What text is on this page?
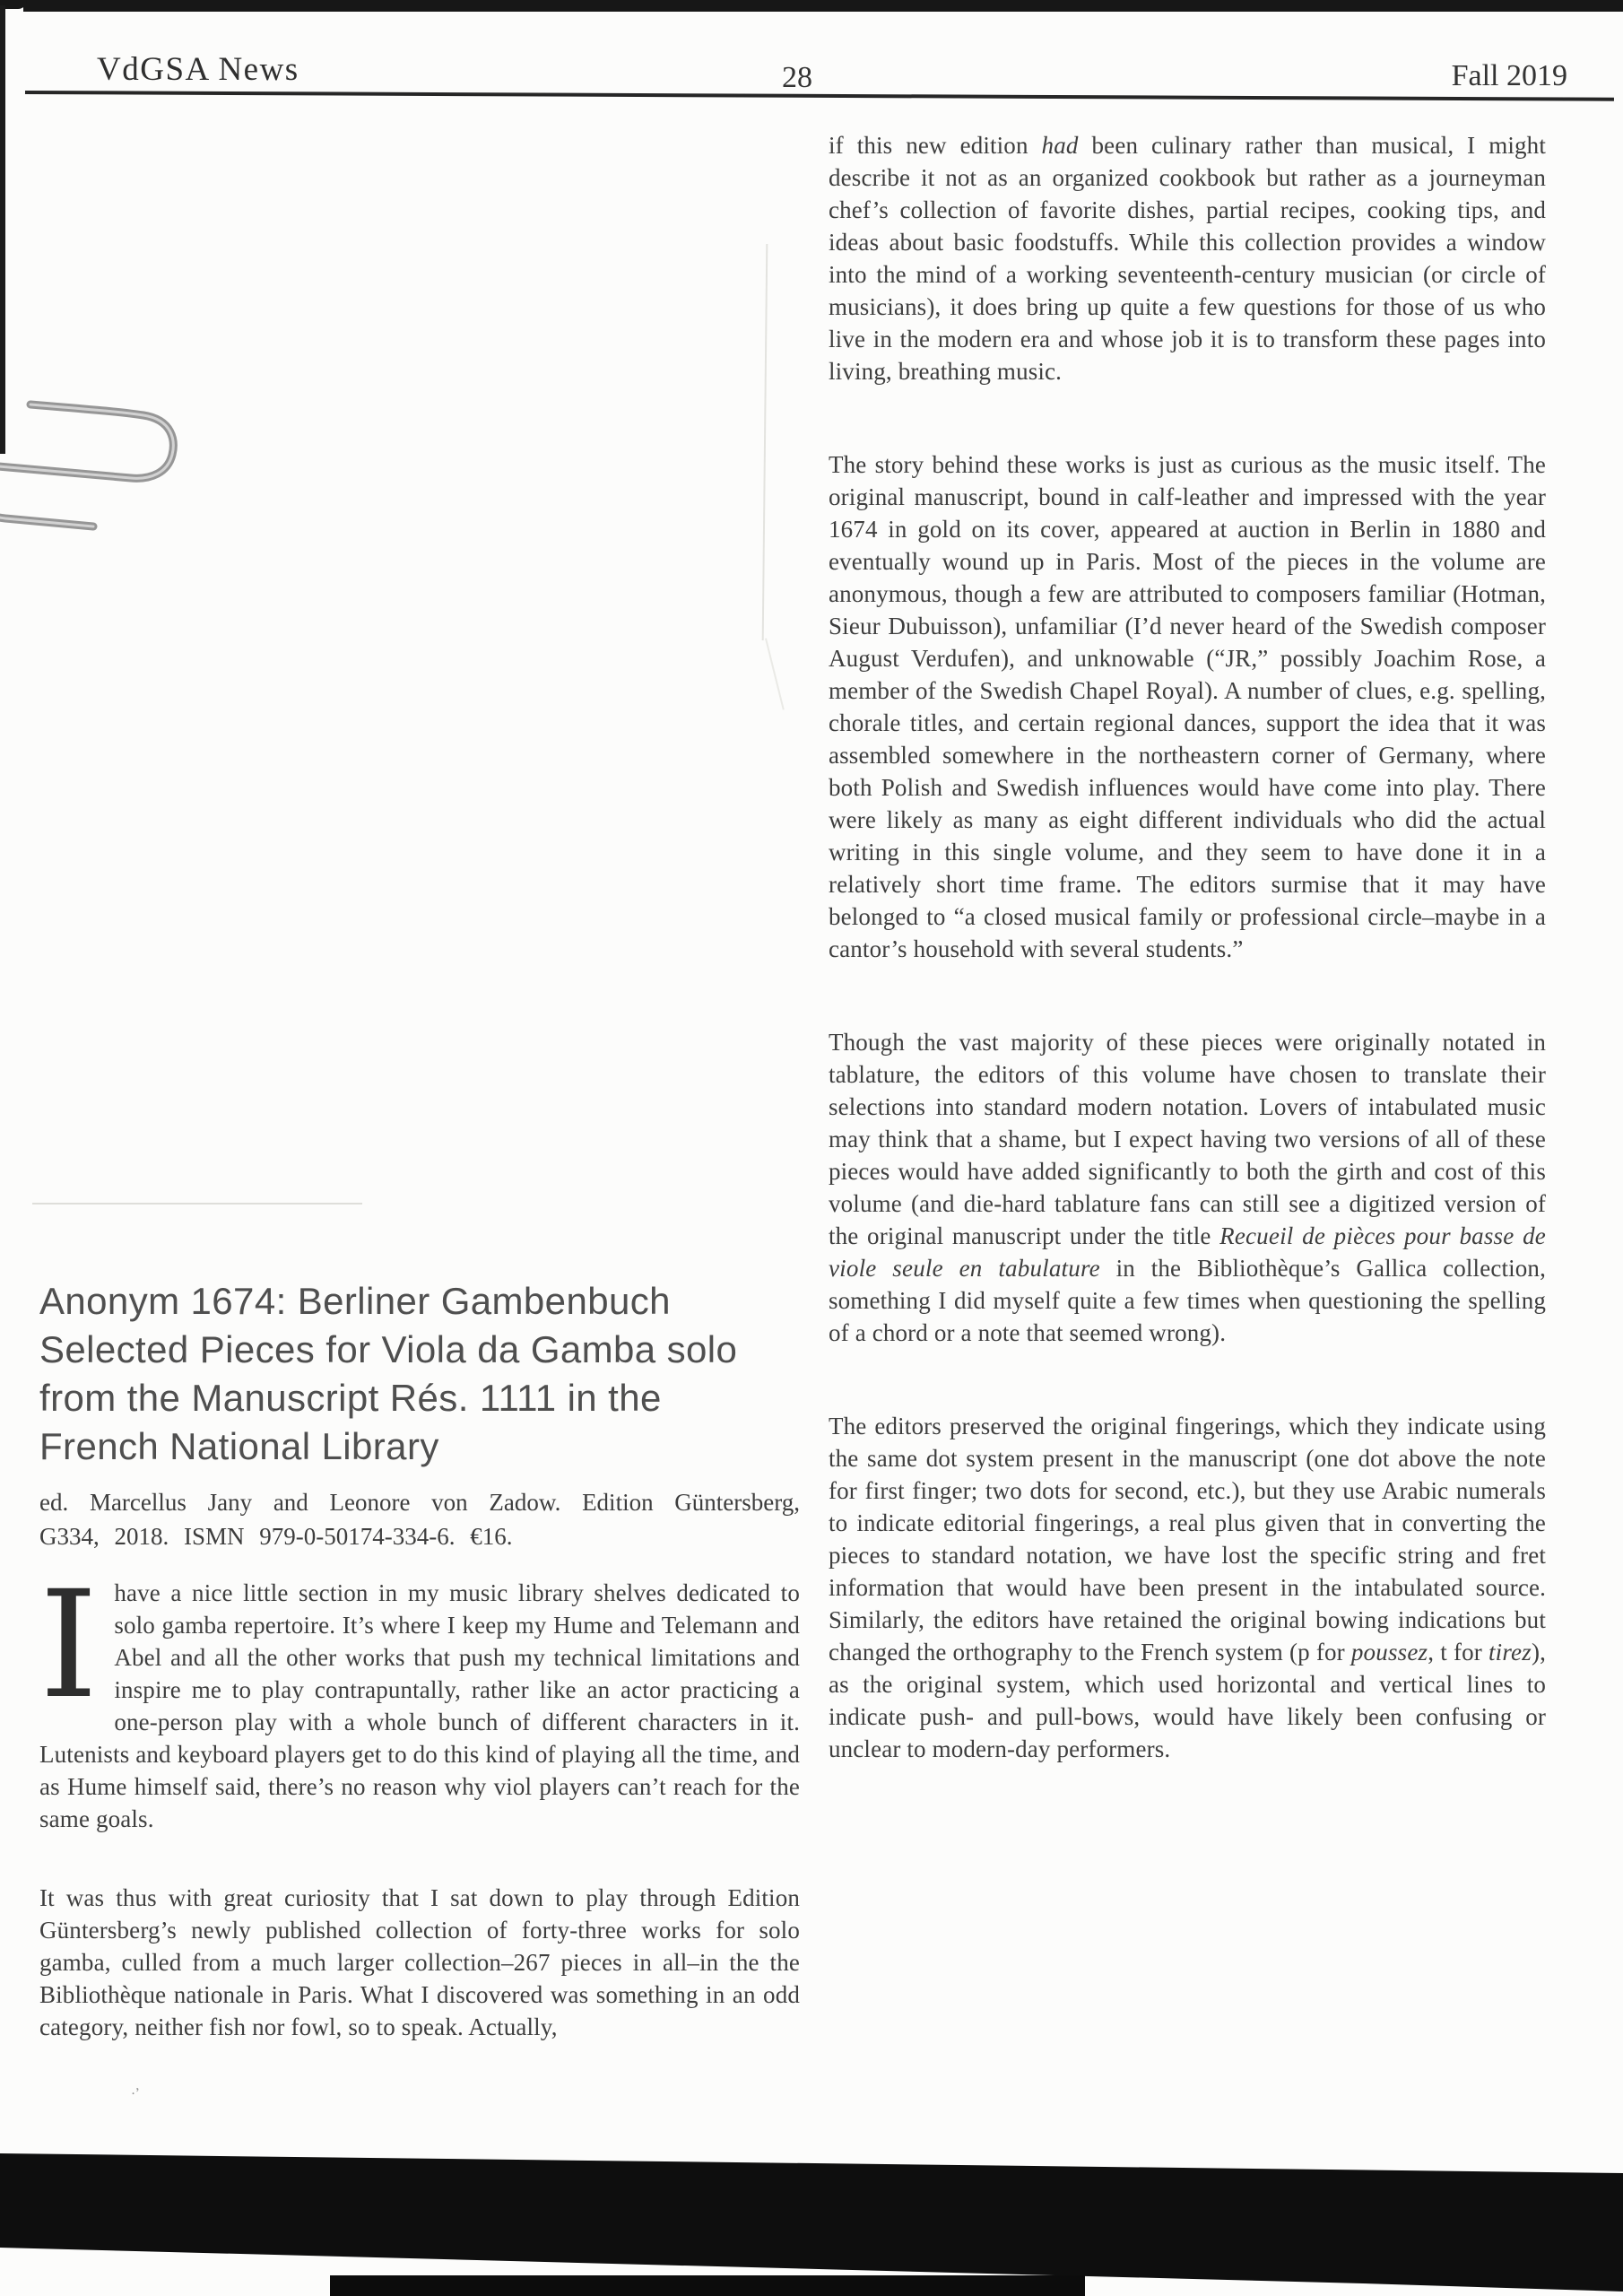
VdGSA News	28	Fall 2019
·’
Anonym 1674: Berliner Gambenbuch
Selected Pieces for Viola da Gamba solo
from the Manuscript Rés. 1111 in the
French National Library
ed. Marcellus Jany and Leonore von Zadow. Edition Güntersberg, G334, 2018. ISMN 979-0-50174-334-6. €16.
Ihave a nice little section in my music library shelves dedicated to solo gamba repertoire. It’s where I keep my Hume and Telemann and Abel and all the other works that push my technical limitations and inspire me to play contrapuntally, rather like an actor practicing a one-person play with a whole bunch of different characters in it. Lutenists and keyboard players get to do this kind of playing all the time, and as Hume himself said, there’s no reason why viol players can’t reach for the same goals.
It was thus with great curiosity that I sat down to play through Edition Güntersberg’s newly published collection of forty-three works for solo gamba, culled from a much larger collection–267 pieces in all–in the the Bibliothèque nationale in Paris. What I discovered was something in an odd category, neither fish nor fowl, so to speak. Actually,
if this new edition had been culinary rather than musical, I might describe it not as an organized cookbook but rather as a journeyman chef’s collection of favorite dishes, partial recipes, cooking tips, and ideas about basic foodstuffs. While this collection provides a window into the mind of a working seventeenth-century musician (or circle of musicians), it does bring up quite a few questions for those of us who live in the modern era and whose job it is to transform these pages into living, breathing music.
The story behind these works is just as curious as the music itself. The original manuscript, bound in calf-leather and impressed with the year 1674 in gold on its cover, appeared at auction in Berlin in 1880 and eventually wound up in Paris. Most of the pieces in the volume are anonymous, though a few are attributed to composers familiar (Hotman, Sieur Dubuisson), unfamiliar (I’d never heard of the Swedish composer August Verdufen), and unknowable (“JR,” possibly Joachim Rose, a member of the Swedish Chapel Royal). A number of clues, e.g. spelling, chorale titles, and certain regional dances, support the idea that it was assembled somewhere in the northeastern corner of Germany, where both Polish and Swedish influences would have come into play. There were likely as many as eight different individuals who did the actual writing in this single volume, and they seem to have done it in a relatively short time frame. The editors surmise that it may have belonged to “a closed musical family or professional circle–maybe in a cantor’s household with several students.”
Though the vast majority of these pieces were originally notated in tablature, the editors of this volume have chosen to translate their selections into standard modern notation. Lovers of intabulated music may think that a shame, but I expect having two versions of all of these pieces would have added significantly to both the girth and cost of this volume (and die-hard tablature fans can still see a digitized version of the original manuscript under the title Recueil de pièces pour basse de viole seule en tabulature in the Bibliothèque’s Gallica collection, something I did myself quite a few times when questioning the spelling of a chord or a note that seemed wrong).
The editors preserved the original fingerings, which they indicate using the same dot system present in the manuscript (one dot above the note for first finger; two dots for second, etc.), but they use Arabic numerals to indicate editorial fingerings, a real plus given that in converting the pieces to standard notation, we have lost the specific string and fret information that would have been present in the intabulated source. Similarly, the editors have retained the original bowing indications but changed the orthography to the French system (p for poussez, t for tirez), as the original system, which used horizontal and vertical lines to indicate push- and pull-bows, would have likely been confusing or unclear to modern-day performers.
